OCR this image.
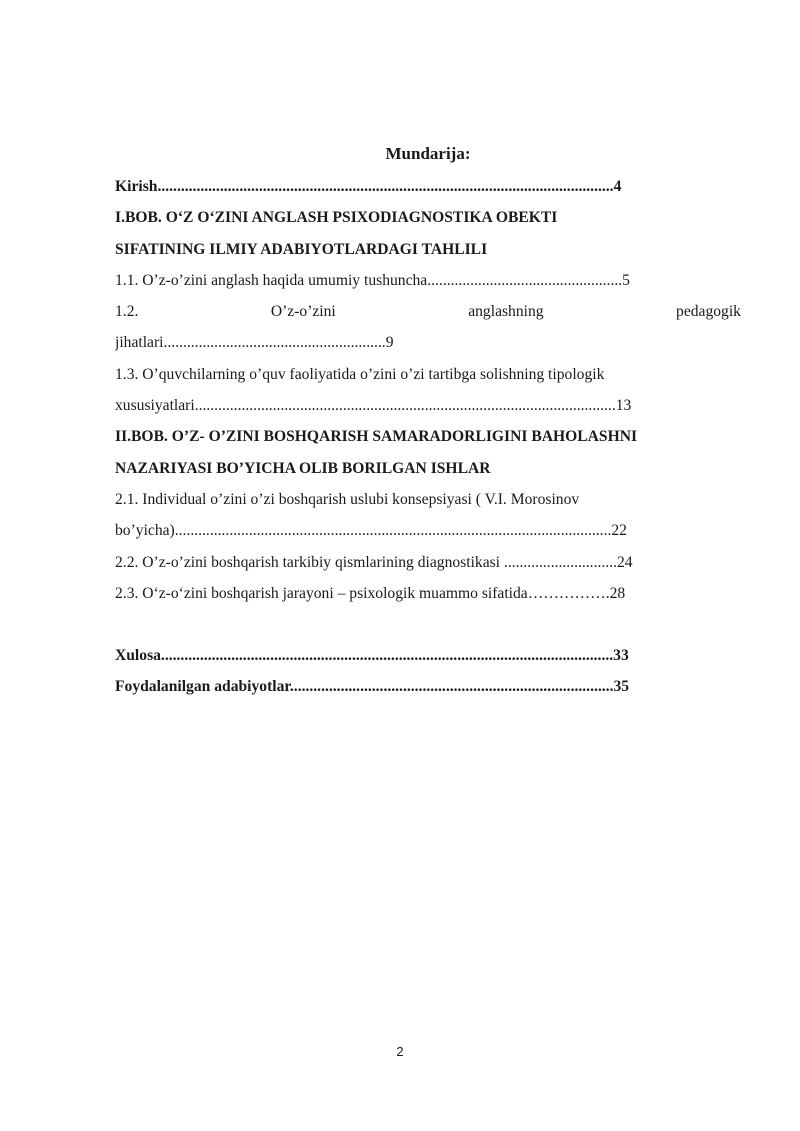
Mundarija:
Kirish.....................................................................................................................4
I.BOB. O‘Z O‘ZINI ANGLASH PSIXODIAGNOSTIKA OBEKTI
SIFATINING ILMIY ADABIYOTLARDAGI TAHLILI
1.1. O’z-o’zini anglash haqida umumiy tushuncha..................................................5
1.2.	O’z-o’zini	anglashning	pedagogik
jihatlari.........................................................9
1.3. O’quvchilarning o’quv faoliyatida o’zini o’zi tartibga solishning tipologik
xususiyatlari............................................................................................................13
II.BOB. O’Z- O’ZINI BOSHQARISH SAMARADORLIGINI BAHOLASHNI
NAZARIYASI BO’YICHA OLIB BORILGAN ISHLAR
2.1. Individual o’zini o’zi boshqarish uslubi konsepsiyasi ( V.I. Morosinov
bo’yicha)................................................................................................................22
2.2. O’z-o’zini boshqarish tarkibiy qismlarining diagnostikasi .............................24
2.3. O‘z-o‘zini boshqarish jarayoni – psixologik muammo sifatida…………….28
Xulosa....................................................................................................................33
Foydalanilgan adabiyotlar...................................................................................35
2
